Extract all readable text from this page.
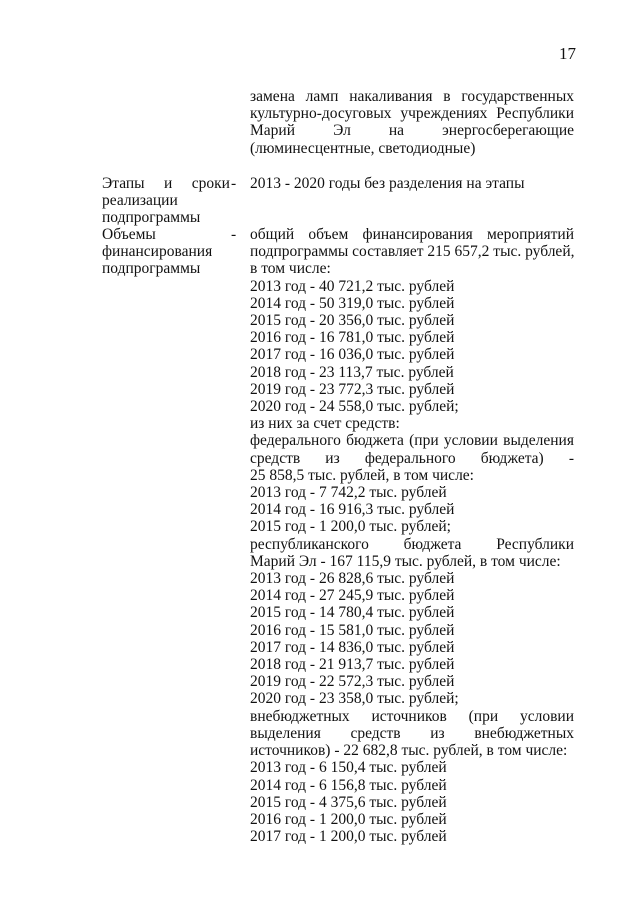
17
замена ламп накаливания в государственных
культурно-досуговых учреждениях Республики
Марий Эл на энергосберегающие
(люминесцентные, светодиодные)
Этапы и сроки
реализации
подпрограммы
- 2013 - 2020 годы без разделения на этапы
Объемы
финансирования
подпрограммы
- общий объем финансирования мероприятий
подпрограммы составляет 215 657,2 тыс. рублей,
в том числе:
2013 год - 40 721,2 тыс. рублей
2014 год - 50 319,0 тыс. рублей
2015 год - 20 356,0 тыс. рублей
2016 год - 16 781,0 тыс. рублей
2017 год - 16 036,0 тыс. рублей
2018 год - 23 113,7 тыс. рублей
2019 год - 23 772,3 тыс. рублей
2020 год - 24 558,0 тыс. рублей;
из них за счет средств:
федерального бюджета (при условии выделения
средств из федерального бюджета) -
25 858,5 тыс. рублей, в том числе:
2013 год - 7 742,2 тыс. рублей
2014 год - 16 916,3 тыс. рублей
2015 год - 1 200,0 тыс. рублей;
республиканского бюджета Республики
Марий Эл - 167 115,9 тыс. рублей, в том числе:
2013 год - 26 828,6 тыс. рублей
2014 год - 27 245,9 тыс. рублей
2015 год - 14 780,4 тыс. рублей
2016 год - 15 581,0 тыс. рублей
2017 год - 14 836,0 тыс. рублей
2018 год - 21 913,7 тыс. рублей
2019 год - 22 572,3 тыс. рублей
2020 год - 23 358,0 тыс. рублей;
внебюджетных источников (при условии
выделения средств из внебюджетных
источников) - 22 682,8 тыс. рублей, в том числе:
2013 год - 6 150,4 тыс. рублей
2014 год - 6 156,8 тыс. рублей
2015 год - 4 375,6 тыс. рублей
2016 год - 1 200,0 тыс. рублей
2017 год - 1 200,0 тыс. рублей
